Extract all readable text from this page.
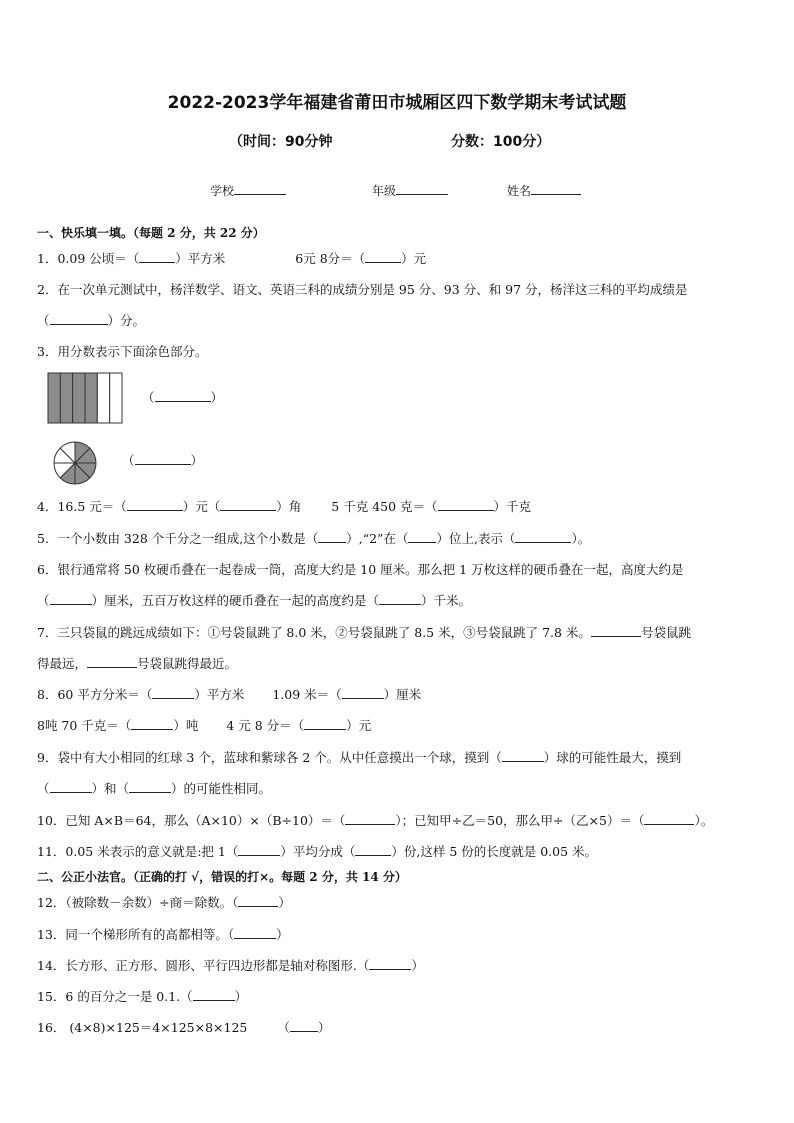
2022-2023学年福建省莆田市城厢区四下数学期末考试试题
（时间：90分钟	分数：100分）
学校	年级	姓名
一、快乐填一填。（每题 2 分，共 22 分）
1．0.09 公顷＝（	）平方米	6元 8分＝（	）元
2．在一次单元测试中，杨洋数学、语文、英语三科的成绩分别是 95 分、93 分、和 97 分，杨洋这三科的平均成绩是
（	）分。
3．用分数表示下面涂色部分。
（	）
（	）
4．16.5 元＝（	）元（	）角 5 千克 450 克＝（	）千克
5．一个小数由 328 个千分之一组成,这个小数是（ ）,“2”在（ ）位上,表示（	）。
6．银行通常将 50 枚硬币叠在一起卷成一筒，高度大约是 10 厘米。那么把 1 万枚这样的硬币叠在一起，高度大约是
（	）厘米，五百万枚这样的硬币叠在一起的高度约是（	）千米。
7．三只袋鼠的跳远成绩如下：①号袋鼠跳了 8.0 米，②号袋鼠跳了 8.5 米，③号袋鼠跳了 7.8 米。	号袋鼠跳
得最远，	号袋鼠跳得最近。
8．60 平方分米＝（	）平方米 1.09 米＝（	）厘米
8吨 70 千克＝（	）吨 4 元 8 分＝（	）元
9．袋中有大小相同的红球 3 个，蓝球和紫球各 2 个。从中任意摸出一个球，摸到（	）球的可能性最大，摸到
（	）和（	）的可能性相同。
10．已知 A×B＝64，那么（A×10）×（B÷10）＝（	）；已知甲÷乙＝50，那么甲÷（乙×5）＝（	）。
11．0.05 米表示的意义就是:把 1（	）平均分成（	）份,这样 5 份的长度就是 0.05 米。
二、公正小法官。（正确的打 √，错误的打×。每题 2 分，共 14 分）
12．（被除数－余数）÷商＝除数。（	）
13．同一个梯形所有的高都相等。（	）
14．长方形、正方形、圆形、平行四边形都是轴对称图形.（	）
15．6 的百分之一是 0.1.（	）
16． (4×8)×125＝4×125×8×125 （ ）
